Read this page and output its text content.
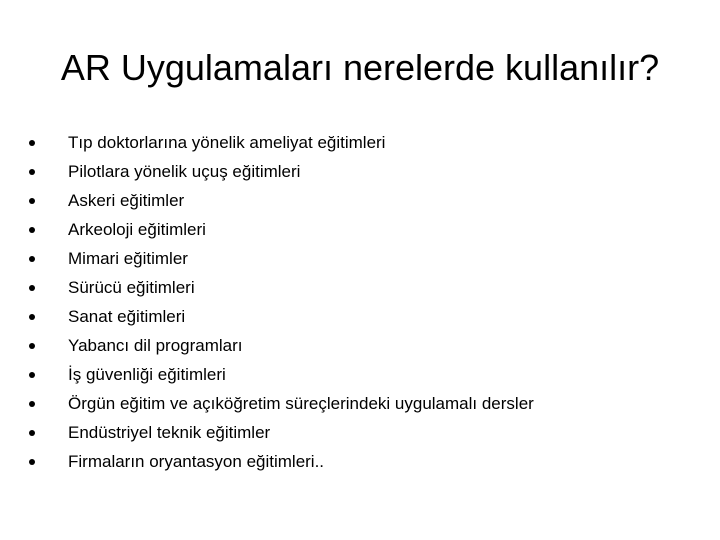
AR Uygulamaları nerelerde kullanılır?
Tıp doktorlarına yönelik ameliyat eğitimleri
Pilotlara yönelik uçuş eğitimleri
Askeri eğitimler
Arkeoloji eğitimleri
Mimari eğitimler
Sürücü eğitimleri
Sanat eğitimleri
Yabancı dil programları
İş güvenliği eğitimleri
Örgün eğitim ve açıköğretim süreçlerindeki uygulamalı dersler
Endüstriyel teknik eğitimler
Firmaların oryantasyon eğitimleri..
